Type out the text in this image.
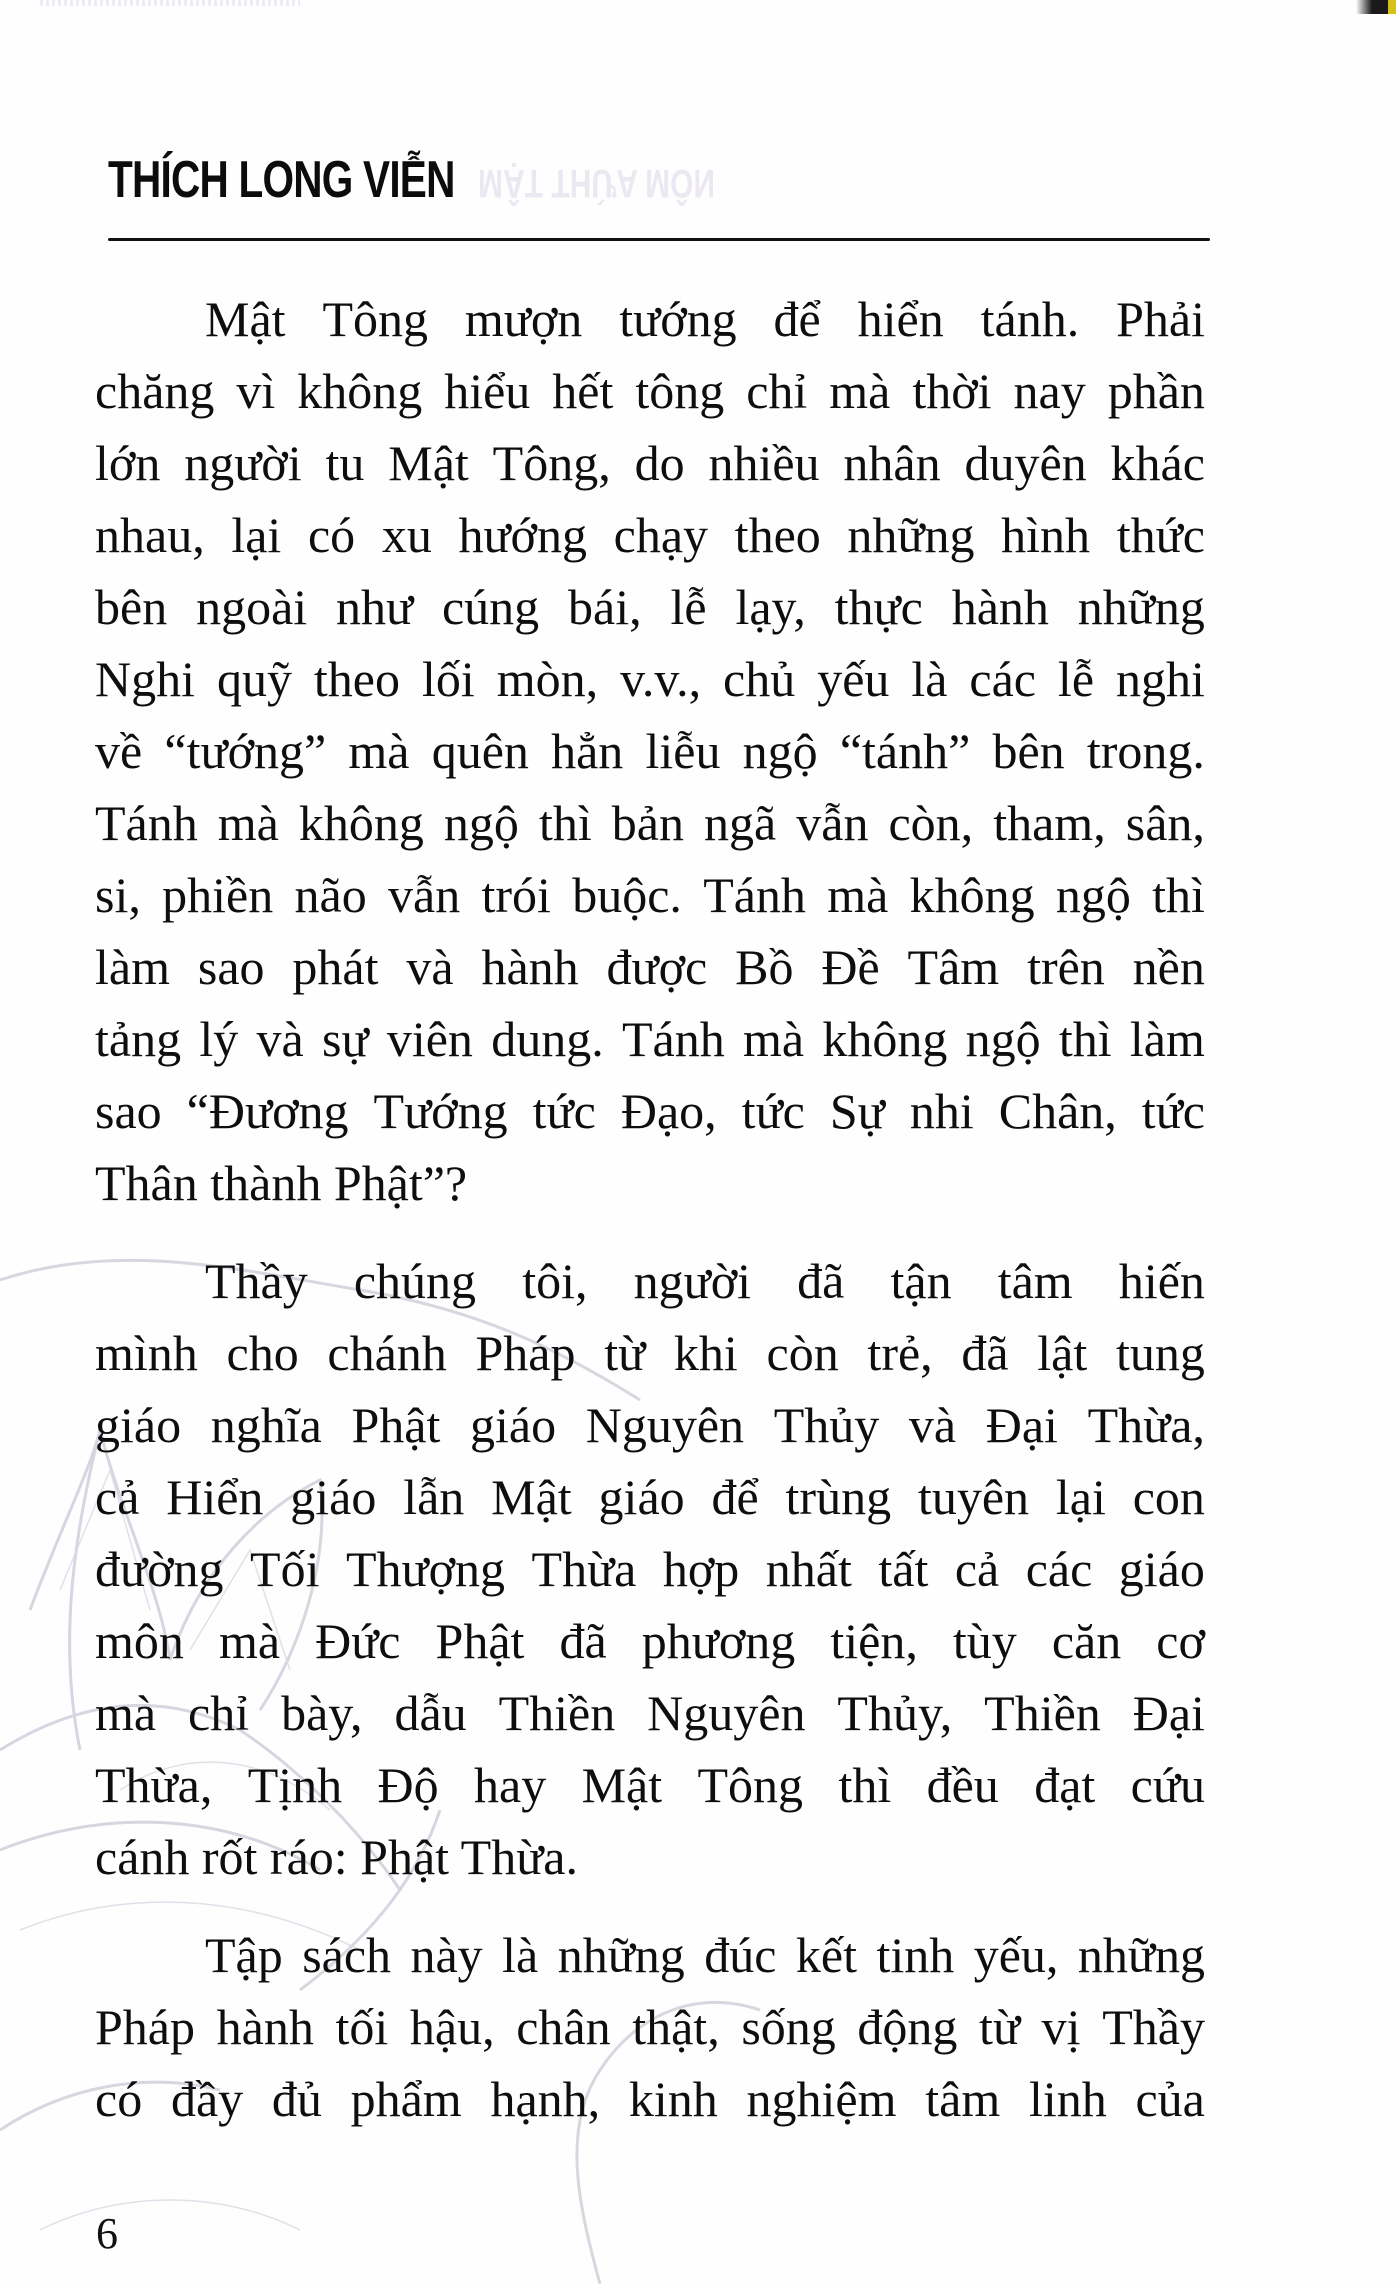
MẬT THỪA MÔN
THÍCH LONG VIỄN
Mật Tông mượn tướng để hiển tánh. Phải
chăng vì không hiểu hết tông chỉ mà thời nay phần
lớn người tu Mật Tông, do nhiều nhân duyên khác
nhau, lại có xu hướng chạy theo những hình thức
bên ngoài như cúng bái, lễ lạy, thực hành những
Nghi quỹ theo lối mòn, v.v., chủ yếu là các lễ nghi
về “tướng” mà quên hẳn liễu ngộ “tánh” bên trong.
Tánh mà không ngộ thì bản ngã vẫn còn, tham, sân,
si, phiền não vẫn trói buộc. Tánh mà không ngộ thì
làm sao phát và hành được Bồ Đề Tâm trên nền
tảng lý và sự viên dung. Tánh mà không ngộ thì làm
sao “Đương Tướng tức Đạo, tức Sự nhi Chân, tức
Thân thành Phật”?
Thầy chúng tôi, người đã tận tâm hiến
mình cho chánh Pháp từ khi còn trẻ, đã lật tung
giáo nghĩa Phật giáo Nguyên Thủy và Đại Thừa,
cả Hiển giáo lẫn Mật giáo để trùng tuyên lại con
đường Tối Thượng Thừa hợp nhất tất cả các giáo
môn mà Đức Phật đã phương tiện, tùy căn cơ
mà chỉ bày, dẫu Thiền Nguyên Thủy, Thiền Đại
Thừa, Tịnh Độ hay Mật Tông thì đều đạt cứu
cánh rốt ráo: Phật Thừa.
Tập sách này là những đúc kết tinh yếu, những
Pháp hành tối hậu, chân thật, sống động từ vị Thầy
có đầy đủ phẩm hạnh, kinh nghiệm tâm linh của
6
